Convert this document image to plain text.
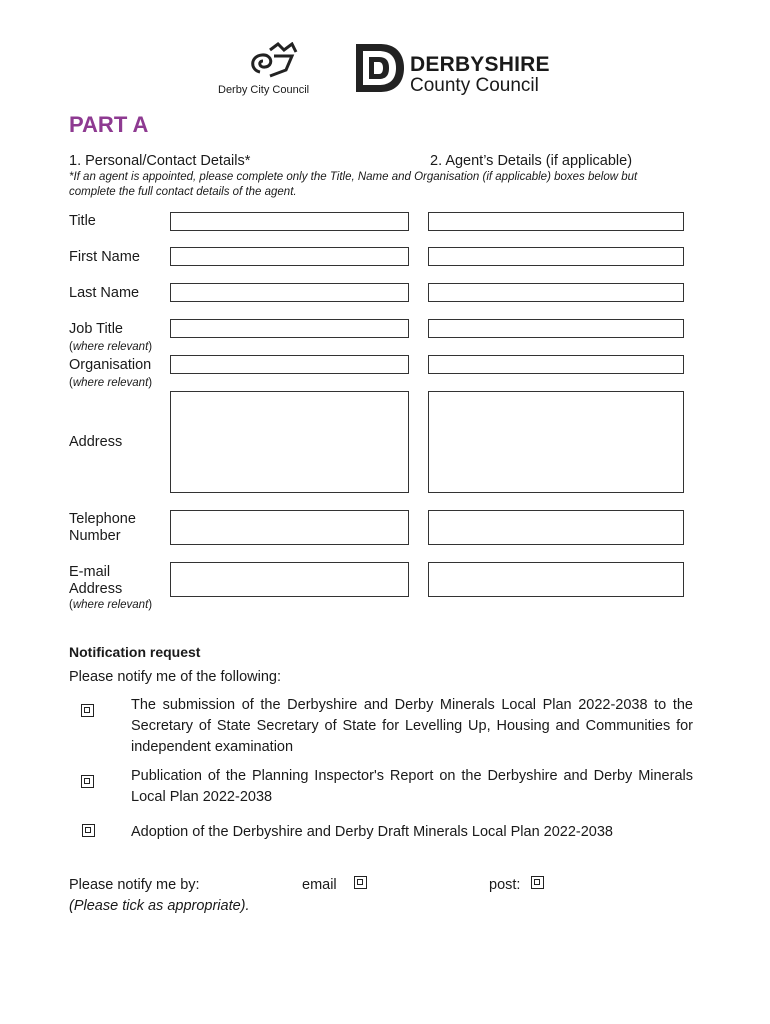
Derby City Council
DERBYSHIRE
County Council
PART A
1. Personal/Contact Details*	2. Agent’s Details (if applicable)
*If an agent is appointed, please complete only the Title, Name and Organisation (if applicable) boxes below but complete the full contact details of the agent.
Title
First Name
Last Name
Job Title
(where relevant)
Organisation
(where relevant)
Address
Telephone
Number
E-mail
Address
(where relevant)
Notification request
Please notify me of the following:
The submission of the Derbyshire and Derby Minerals Local Plan 2022-2038 to the Secretary of State Secretary of State for Levelling Up, Housing and Communities for independent examination
Publication of the Planning Inspector's Report on the Derbyshire and Derby Minerals Local Plan 2022-2038
Adoption of the Derbyshire and Derby Draft Minerals Local Plan 2022-2038
Please notify me by:
(Please tick as appropriate).
email	post:
